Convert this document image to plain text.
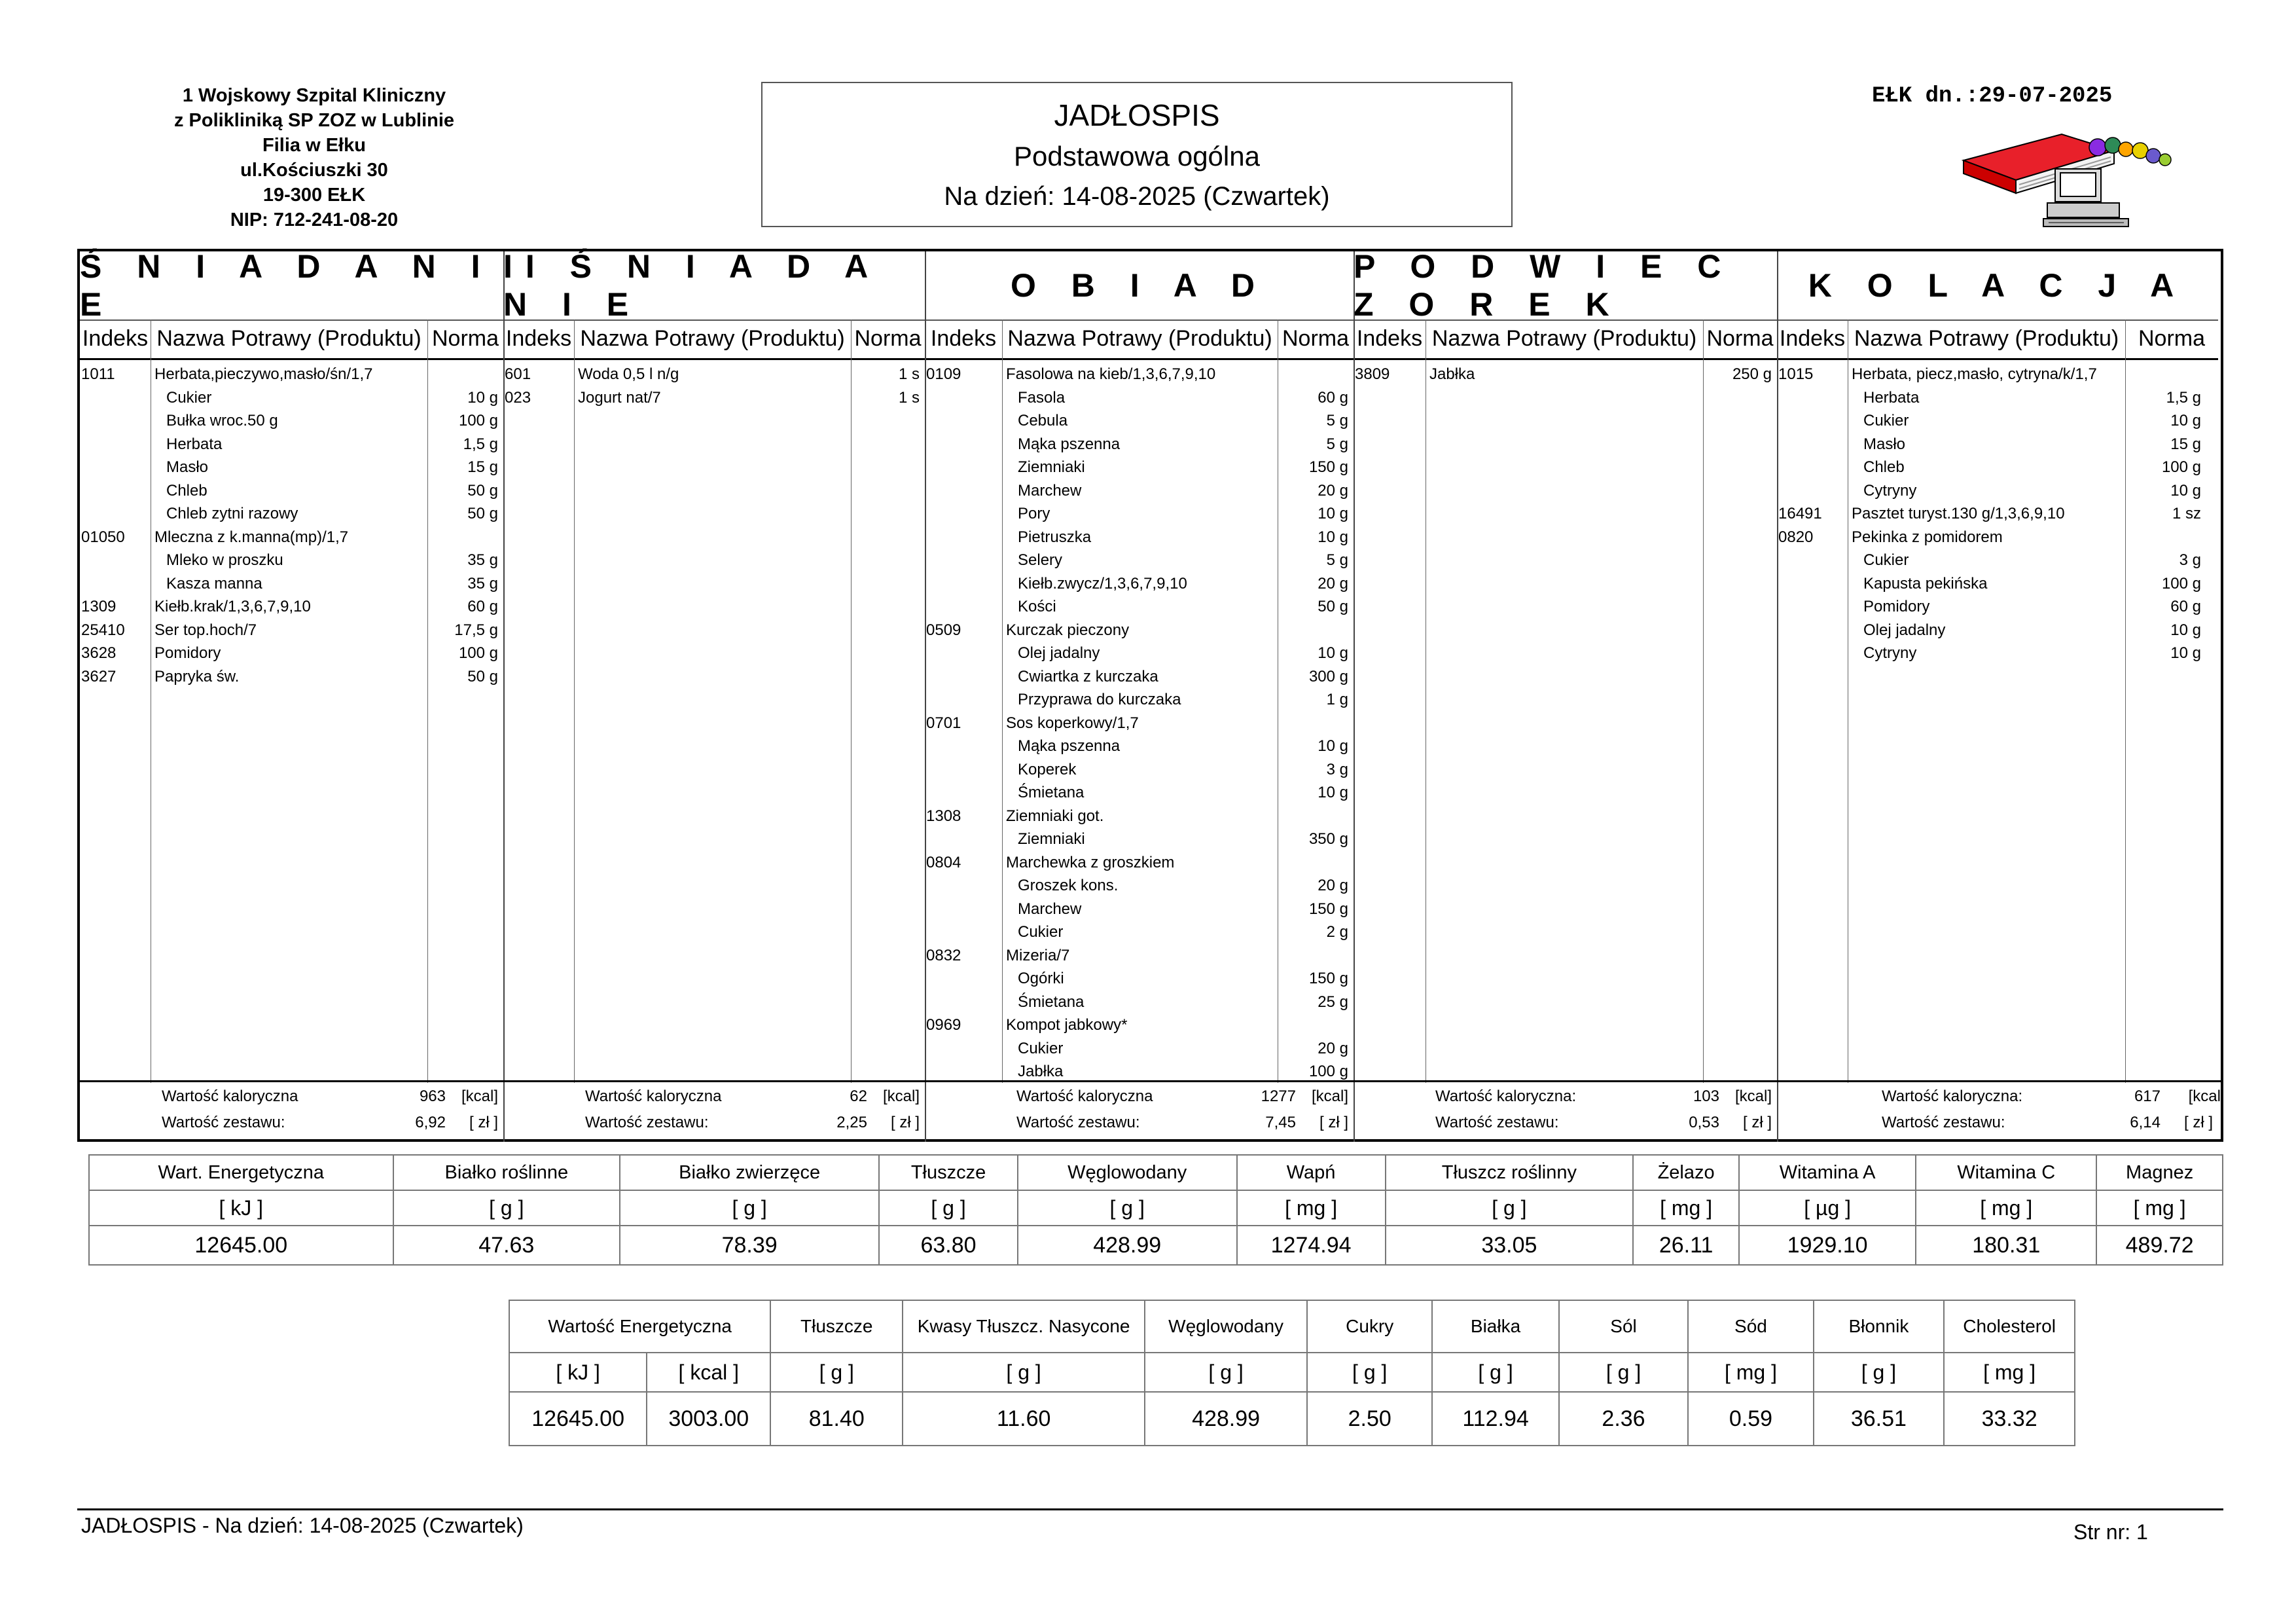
1 Wojskowy Szpital Kliniczny
z Polikliniką SP ZOZ w Lublinie
Filia w Ełku
ul.Kościuszki 30
19-300 EŁK
NIP: 712-241-08-20
JADŁOSPIS
Podstawowa ogólna
Na dzień: 14-08-2025 (Czwartek)
EŁK dn.:29-07-2025
Ś N I A D A N I E
Indeks Nazwa Potrawy (Produktu) Norma
1011	Herbata,pieczywo,masło/śn/1,7
Cukier	10 g
Bułka wroc.50 g	100 g
Herbata	1,5 g
Masło	15 g
Chleb	50 g
Chleb zytni razowy	50 g
01050	Mleczna z k.manna(mp)/1,7
Mleko w proszku	35 g
Kasza manna	35 g
1309	Kiełb.krak/1,3,6,7,9,10	60 g
25410	Ser top.hoch/7	17,5 g
3628	Pomidory	100 g
3627	Papryka św.	50 g
Wartość kaloryczna	963 [kcal]
Wartość zestawu:	6,92 [ zł ]
II Ś N I A D A N I E
Indeks Nazwa Potrawy (Produktu) Norma
601	Woda 0,5 l n/g	1 s
023	Jogurt nat/7	1 s
Wartość kaloryczna	62 [kcal]
Wartość zestawu:	2,25 [ zł ]
O B I A D
Indeks Nazwa Potrawy (Produktu) Norma
0109	Fasolowa na kieb/1,3,6,7,9,10
Fasola	60 g
Cebula	5 g
Mąka pszenna	5 g
Ziemniaki	150 g
Marchew	20 g
Pory	10 g
Pietruszka	10 g
Selery	5 g
Kiełb.zwycz/1,3,6,7,9,10	20 g
Kości	50 g
0509	Kurczak pieczony
Olej jadalny	10 g
Cwiartka z kurczaka	300 g
Przyprawa do kurczaka	1 g
0701	Sos koperkowy/1,7
Mąka pszenna	10 g
Koperek	3 g
Śmietana	10 g
1308	Ziemniaki got.
Ziemniaki	350 g
0804	Marchewka z groszkiem
Groszek kons.	20 g
Marchew	150 g
Cukier	2 g
0832	Mizeria/7
Ogórki	150 g
Śmietana	25 g
0969	Kompot jabkowy*
Cukier	20 g
Jabłka	100 g
Wartość kaloryczna	1277 [kcal]
Wartość zestawu:	7,45 [ zł ]
P O D W I E C Z O R E K
Indeks Nazwa Potrawy (Produktu) Norma
3809	Jabłka	250 g
Wartość kaloryczna:	103 [kcal]
Wartość zestawu:	0,53 [ zł ]
K O L A C J A
Indeks Nazwa Potrawy (Produktu) Norma
1015	Herbata, piecz,masło, cytryna/k/1,7
Herbata	1,5 g
Cukier	10 g
Masło	15 g
Chleb	100 g
Cytryny	10 g
16491	Pasztet turyst.130 g/1,3,6,9,10	1 sz
0820	Pekinka z pomidorem
Cukier	3 g
Kapusta pekińska	100 g
Pomidory	60 g
Olej jadalny	10 g
Cytryny	10 g
Wartość kaloryczna:	617 [kcal
Wartość zestawu:	6,14 [ zł ]
Wart. Energetyczna	Białko roślinne	Białko zwierzęce	Tłuszcze	Węglowodany	Wapń	Tłuszcz roślinny	Żelazo	Witamina A	Witamina C	Magnez
[ kJ ]	[ g ]	[ g ]	[ g ]	[ g ]	[ mg ]	[ g ]	[ mg ]	[ µg ]	[ mg ]	[ mg ]
12645.00	47.63	78.39	63.80	428.99	1274.94	33.05	26.11	1929.10	180.31	489.72
Wartość Energetyczna		Tłuszcze	Kwasy Tłuszcz. Nasycone	Węglowodany	Cukry	Białka	Sól	Sód	Błonnik	Cholesterol
[ kJ ]	[ kcal ]	[ g ]	[ g ]	[ g ]	[ g ]	[ g ]	[ g ]	[ mg ]	[ g ]	[ mg ]
12645.00	3003.00	81.40	11.60	428.99	2.50	112.94	2.36	0.59	36.51	33.32
JADŁOSPIS - Na dzień: 14-08-2025 (Czwartek)	Str nr: 1
